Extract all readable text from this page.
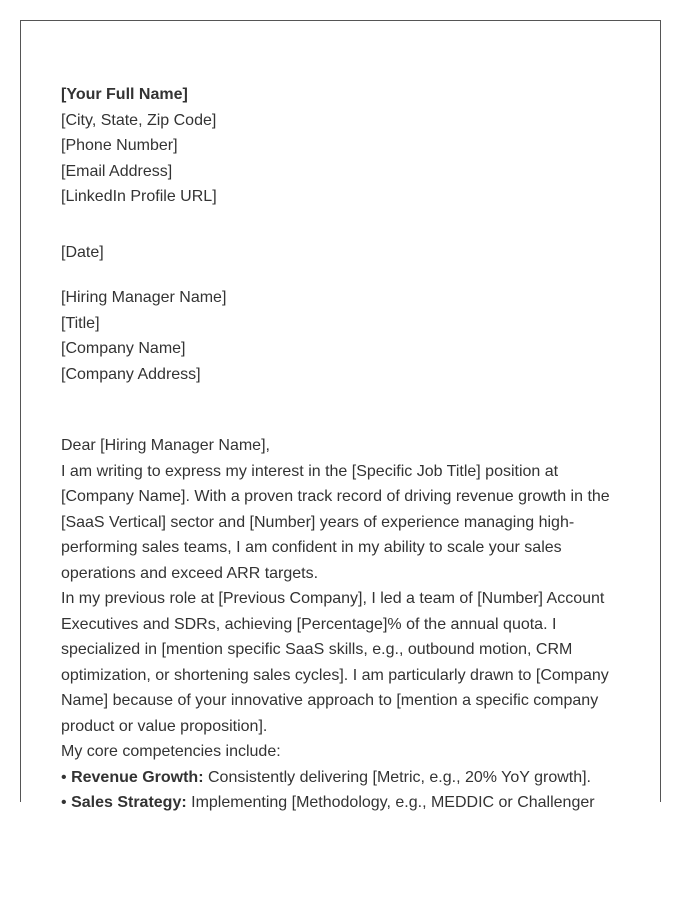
[Your Full Name]
[City, State, Zip Code]
[Phone Number]
[Email Address]
[LinkedIn Profile URL]
[Date]
[Hiring Manager Name]
[Title]
[Company Name]
[Company Address]
Dear [Hiring Manager Name],

I am writing to express my interest in the [Specific Job Title] position at [Company Name]. With a proven track record of driving revenue growth in the [SaaS Vertical] sector and [Number] years of experience managing high-performing sales teams, I am confident in my ability to scale your sales operations and exceed ARR targets.

In my previous role at [Previous Company], I led a team of [Number] Account Executives and SDRs, achieving [Percentage]% of the annual quota. I specialized in [mention specific SaaS skills, e.g., outbound motion, CRM optimization, or shortening sales cycles]. I am particularly drawn to [Company Name] because of your innovative approach to [mention a specific company product or value proposition].

My core competencies include:
• Revenue Growth: Consistently delivering [Metric, e.g., 20% YoY growth].
• Sales Strategy: Implementing [Methodology, e.g., MEDDIC or Challenger
